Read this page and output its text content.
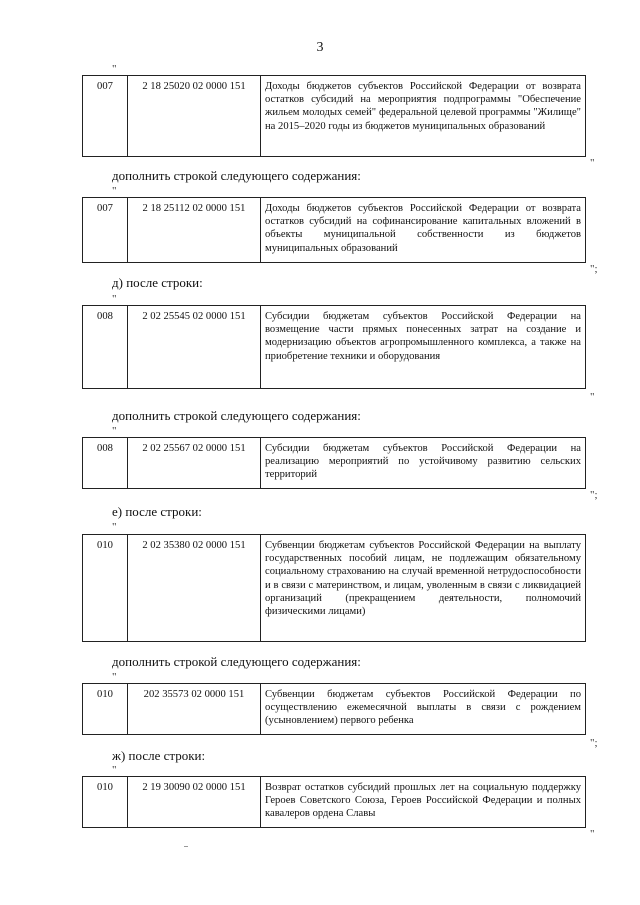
3
"
007	2 18 25020 02 0000 151	Доходы бюджетов субъектов Российской Федерации от возврата остатков субсидий на мероприятия подпрограммы "Обеспечение жильем молодых семей" федеральной целевой программы "Жилище" на 2015–2020 годы из бюджетов муниципальных образований
"
дополнить строкой следующего содержания:
"
007	2 18 25112 02 0000 151	Доходы бюджетов субъектов Российской Федерации от возврата остатков субсидий на софинансирование капитальных вложений в объекты муниципальной собственности из бюджетов муниципальных образований
";
д) после строки:
"
008	2 02 25545 02 0000 151	Субсидии бюджетам субъектов Российской Федерации на возмещение части прямых понесенных затрат на создание и модернизацию объектов агропромышленного комплекса, а также на приобретение техники и оборудования
"
дополнить строкой следующего содержания:
"
008	2 02 25567 02 0000 151	Субсидии бюджетам субъектов Российской Федерации на реализацию мероприятий по устойчивому развитию сельских территорий
";
е) после строки:
"
010	2 02 35380 02 0000 151	Субвенции бюджетам субъектов Российской Федерации на выплату государственных пособий лицам, не подлежащим обязательному социальному страхованию на случай временной нетрудоспособности и в связи с материнством, и лицам, уволенным в связи с ликвидацией организаций (прекращением деятельности, полномочий физическими лицами)
дополнить строкой следующего содержания:
"
010	202 35573 02 0000 151	Субвенции бюджетам субъектов Российской Федерации по осуществлению ежемесячной выплаты в связи с рождением (усыновлением) первого ребенка
";
ж) после строки:
"
010	2 19 30090 02 0000 151	Возврат остатков субсидий прошлых лет на социальную поддержку Героев Советского Союза, Героев Российской Федерации и полных кавалеров ордена Славы
"
